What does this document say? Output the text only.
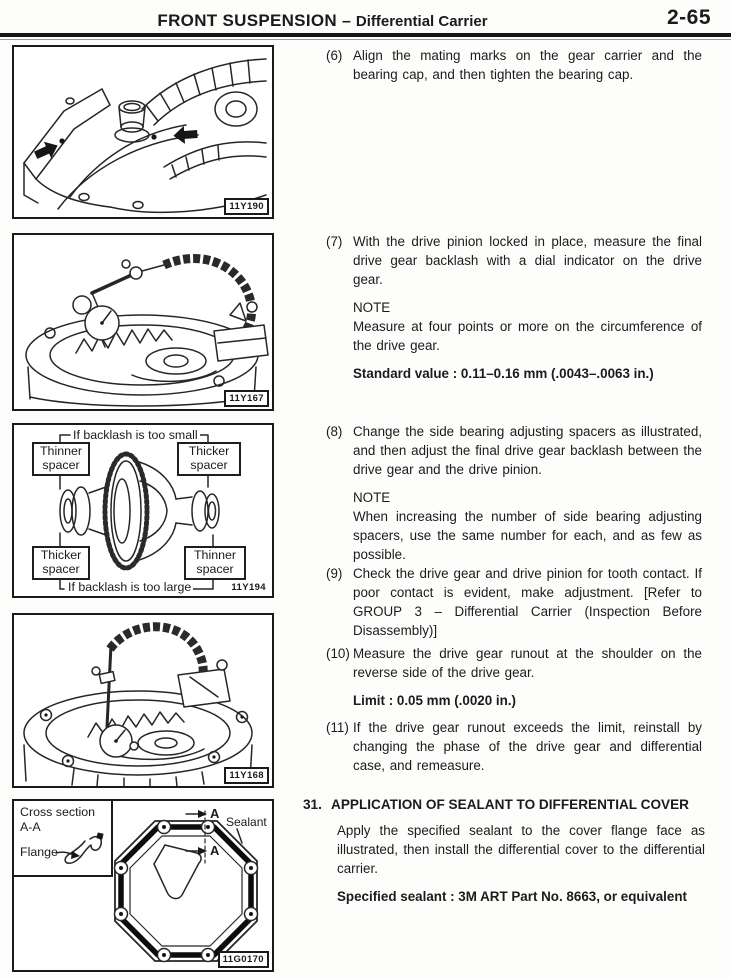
FRONT SUSPENSION – Differential Carrier	2-65
11Y190
11Y167
If backlash is too small
Thinner spacer
Thicker spacer
Thicker spacer
Thinner spacer
If backlash is too large	11Y194
11Y168
Cross section
A-A
Flange
A
A
Sealant
11G0170
(6) Align the mating marks on the gear carrier and the bearing cap, and then tighten the bearing cap.
(7) With the drive pinion locked in place, measure the final drive gear backlash with a dial indicator on the drive gear.
NOTE
Measure at four points or more on the circumference of the drive gear.
Standard value : 0.11–0.16 mm (.0043–.0063 in.)
(8) Change the side bearing adjusting spacers as illustrated, and then adjust the final drive gear backlash between the drive gear and the drive pinion.
NOTE
When increasing the number of side bearing adjusting spacers, use the same number for each, and as few as possible.
(9) Check the drive gear and drive pinion for tooth contact. If poor contact is evident, make adjustment. [Refer to GROUP 3 – Differential Carrier (Inspection Before Disassembly)]
(10) Measure the drive gear runout at the shoulder on the reverse side of the drive gear.
Limit : 0.05 mm (.0020 in.)
(11) If the drive gear runout exceeds the limit, reinstall by changing the phase of the drive gear and differential case, and remeasure.
31. APPLICATION OF SEALANT TO DIFFERENTIAL COVER
Apply the specified sealant to the cover flange face as illustrated, then install the differential cover to the differential carrier.
Specified sealant : 3M ART Part No. 8663, or equivalent
